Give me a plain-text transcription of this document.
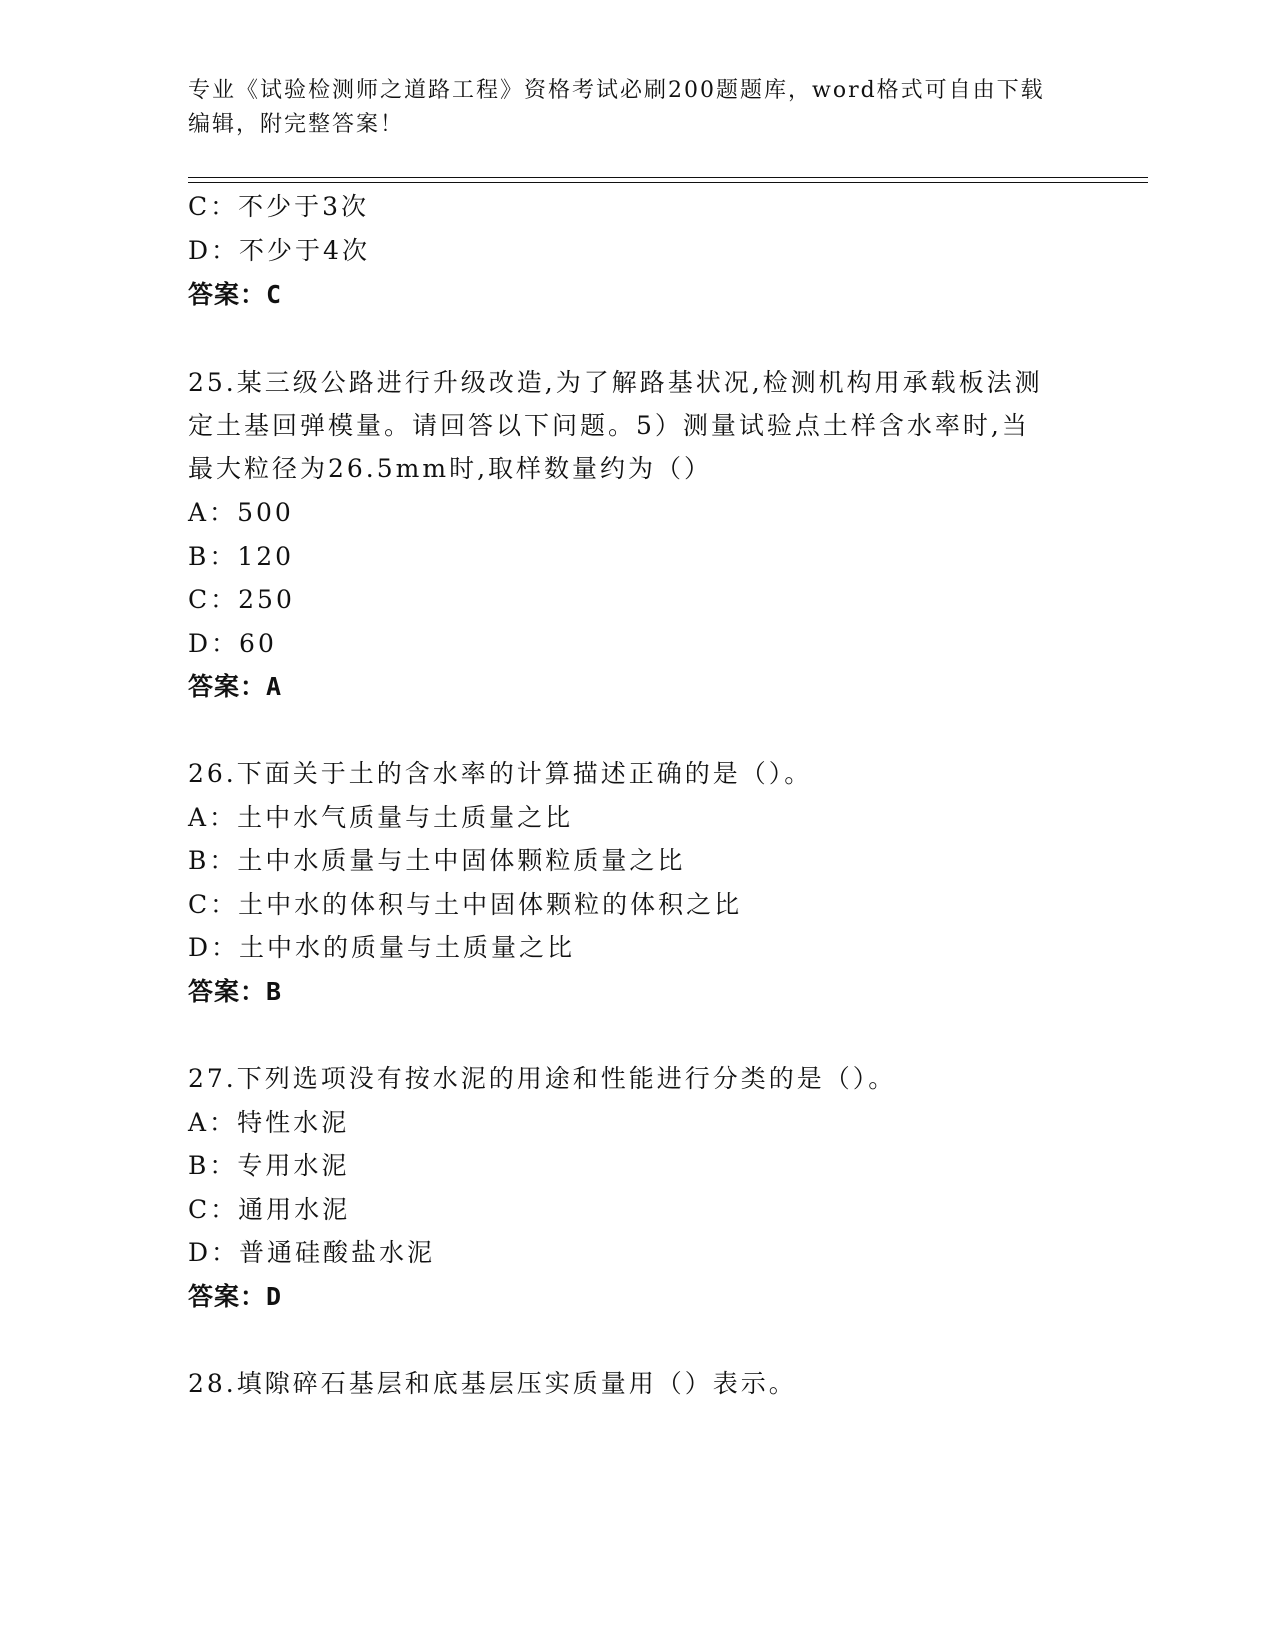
专业《试验检测师之道路工程》资格考试必刷200题题库，word格式可自由下载
编辑，附完整答案！
C：不少于3次
D：不少于4次
答案：C
25.某三级公路进行升级改造,为了解路基状况,检测机构用承载板法测
定土基回弹模量。请回答以下问题。5）测量试验点土样含水率时,当
最大粒径为26.5mm时,取样数量约为（）
A：500
B：120
C：250
D：60
答案：A
26.下面关于土的含水率的计算描述正确的是（）。
A：土中水气质量与土质量之比
B：土中水质量与土中固体颗粒质量之比
C：土中水的体积与土中固体颗粒的体积之比
D：土中水的质量与土质量之比
答案：B
27.下列选项没有按水泥的用途和性能进行分类的是（）。
A：特性水泥
B：专用水泥
C：通用水泥
D：普通硅酸盐水泥
答案：D
28.填隙碎石基层和底基层压实质量用（）表示。
